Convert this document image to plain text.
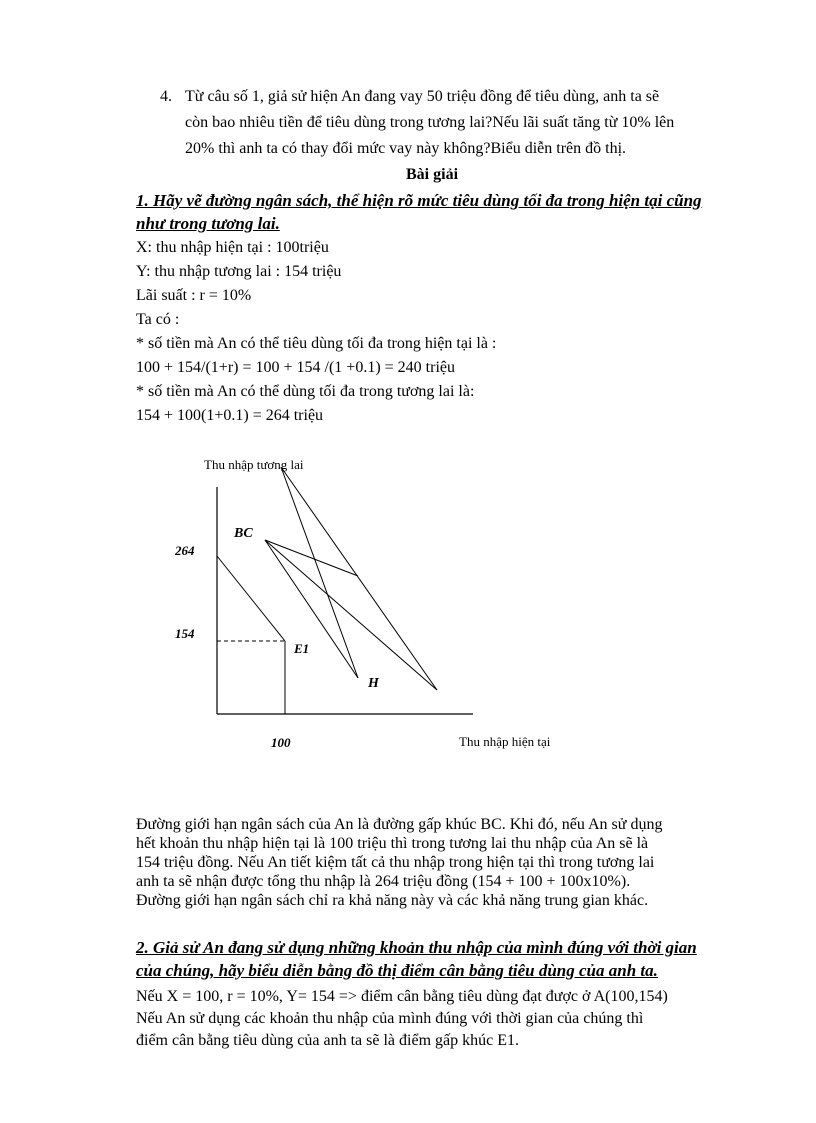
4. Từ câu số 1, giả sử hiện An đang vay 50 triệu đồng để tiêu dùng, anh ta sẽ
còn bao nhiêu tiền để tiêu dùng trong tương lai?Nếu lãi suất tăng từ 10% lên
20% thì anh ta có thay đổi mức vay này không?Biểu diễn trên đồ thị.
Bài giải
1. Hãy vẽ đường ngân sách, thể hiện rõ mức tiêu dùng tối đa trong hiện tại cũng
như trong tương lai.
X: thu nhập hiện tại : 100triệu
Y: thu nhập tương lai : 154 triệu
Lãi suất : r = 10%
Ta có :
* số tiền mà An có thể tiêu dùng tối đa trong hiện tại là :
100 + 154/(1+r) = 100 + 154 /(1 +0.1) = 240 triệu
* số tiền mà An có thể dùng tối đa trong tương lai là:
154 + 100(1+0.1) = 264 triệu
Thu nhập tương lai
Thu nhập hiện tại
264
154
100
BC
E1
H
Đường giới hạn ngân sách của An là đường gấp khúc BC. Khi đó, nếu An sử dụng
hết khoản thu nhập hiện tại là 100 triệu thì trong tương lai thu nhập của An sẽ là
154 triệu đồng. Nếu An tiết kiệm tất cả thu nhập trong hiện tại thì trong tương lai
anh ta sẽ nhận được tổng thu nhập là 264 triệu đồng (154 + 100 + 100x10%).
Đường giới hạn ngân sách chỉ ra khả năng này và các khả năng trung gian khác.
2. Giả sử An đang sử dụng những khoản thu nhập của mình đúng với thời gian
của chúng, hãy biểu diễn bằng đồ thị điểm cân bằng tiêu dùng của anh ta.
Nếu X = 100, r = 10%, Y= 154 => điểm cân bằng tiêu dùng đạt được ở A(100,154)
Nếu An sử dụng các khoản thu nhập của mình đúng với thời gian của chúng thì
điểm cân bằng tiêu dùng của anh ta sẽ là điểm gấp khúc E1.
